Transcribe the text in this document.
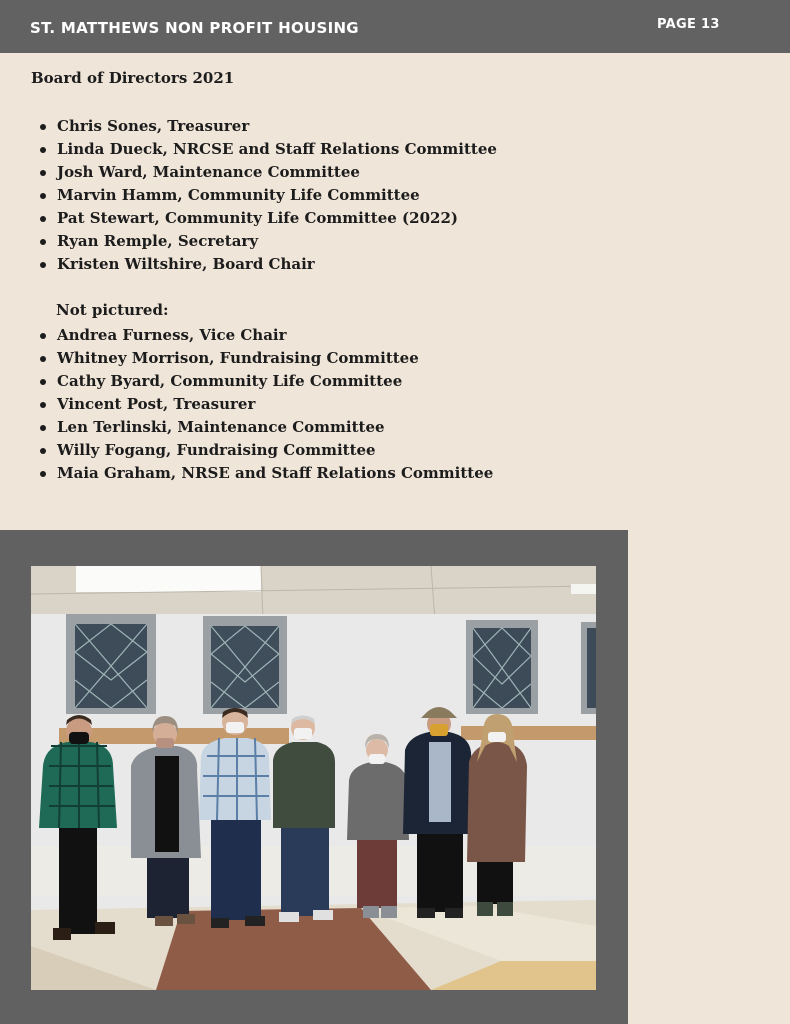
ST. MATTHEWS NON PROFIT HOUSING	PAGE 13
Board of Directors 2021
Chris Sones, Treasurer
Linda Dueck, NRCSE and Staff Relations Committee
Josh Ward, Maintenance Committee
Marvin Hamm, Community Life Committee
Pat Stewart, Community Life Committee (2022)
Ryan Remple, Secretary
Kristen Wiltshire, Board Chair
Not pictured:
Andrea Furness, Vice Chair
Whitney Morrison, Fundraising Committee
Cathy Byard, Community Life Committee
Vincent Post, Treasurer
Len Terlinski, Maintenance Committee
Willy Fogang, Fundraising Committee
Maia Graham, NRSE and Staff Relations Committee
